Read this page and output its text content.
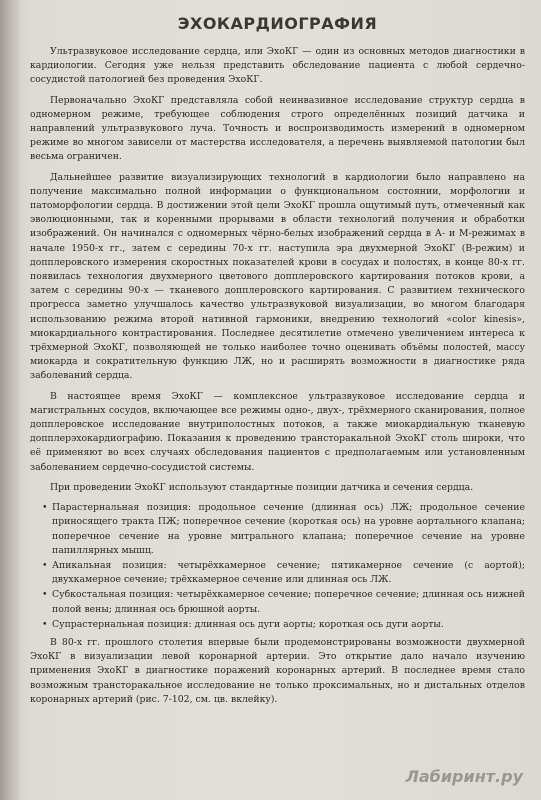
ЭХОКАРДИОГРАФИЯ

Ультразвуковое исследование сердца, или ЭхоКГ — один из основных методов диагностики в кардиологии. Сегодня уже нельзя представить обследование пациента с любой сердечно-сосудистой патологией без проведения ЭхоКГ.

Первоначально ЭхоКГ представляла собой неинвазивное исследование структур сердца в одномерном режиме, требующее соблюдения строго определённых позиций датчика и направлений ультразвукового луча. Точность и воспроизводимость измерений в одномерном режиме во многом зависели от мастерства исследователя, а перечень выявляемой патологии был весьма ограничен.

Дальнейшее развитие визуализирующих технологий в кардиологии было направлено на получение максимально полной информации о функциональном состоянии, морфологии и патоморфологии сердца. В достижении этой цели ЭхоКГ прошла ощутимый путь, отмеченный как эволюционными, так и коренными прорывами в области технологий получения и обработки изображений. Он начинался с одномерных чёрно-белых изображений сердца в А- и М-режимах в начале 1950-х гг., затем с середины 70-х гг. наступила эра двухмерной ЭхоКГ (В-режим) и допплеровского измерения скоростных показателей крови в сосудах и полостях, в конце 80-х гг. появилась технология двухмерного цветового допплеровского картирования потоков крови, а затем с середины 90-х — тканевого допплеровского картирования. С развитием технического прогресса заметно улучшалось качество ультразвуковой визуализации, во многом благодаря использованию режима второй нативной гармоники, внедрению технологий «color kinesis», миокардиального контрастирования. Последнее десятилетие отмечено увеличением интереса к трёхмерной ЭхоКГ, позволяющей не только наиболее точно оценивать объёмы полостей, массу миокарда и сократительную функцию ЛЖ, но и расширять возможности в диагностике ряда заболеваний сердца.

В настоящее время ЭхоКГ — комплексное ультразвуковое исследование сердца и магистральных сосудов, включающее все режимы одно-, двух-, трёхмерного сканирования, полное допплеровское исследование внутриполостных потоков, а также миокардиальную тканевую допплерэхокардиографию. Показания к проведению трансторакальной ЭхоКГ столь широки, что её применяют во всех случаях обследования пациентов с предполагаемым или установленным заболеванием сердечно-сосудистой системы.

При проведении ЭхоКГ используют стандартные позиции датчика и сечения сердца.

• Парастернальная позиция: продольное сечение (длинная ось) ЛЖ; продольное сечение приносящего тракта ПЖ; поперечное сечение (короткая ось) на уровне аортального клапана; поперечное сечение на уровне митрального клапана; поперечное сечение на уровне папиллярных мышц.
• Апикальная позиция: четырёхкамерное сечение; пятикамерное сечение (с аортой); двухкамерное сечение; трёхкамерное сечение или длинная ось ЛЖ.
• Субкостальная позиция: четырёхкамерное сечение; поперечное сечение; длинная ось нижней полой вены; длинная ось брюшной аорты.
• Супрастернальная позиция: длинная ось дуги аорты; короткая ось дуги аорты.

В 80-х гг. прошлого столетия впервые были продемонстрированы возможности двухмерной ЭхоКГ в визуализации левой коронарной артерии. Это открытие дало начало изучению применения ЭхоКГ в диагностике поражений коронарных артерий. В последнее время стало возможным трансторакальное исследование не только проксимальных, но и дистальных отделов коронарных артерий (рис. 7-102, см. цв. вклейку).

Лабиринт.ру
